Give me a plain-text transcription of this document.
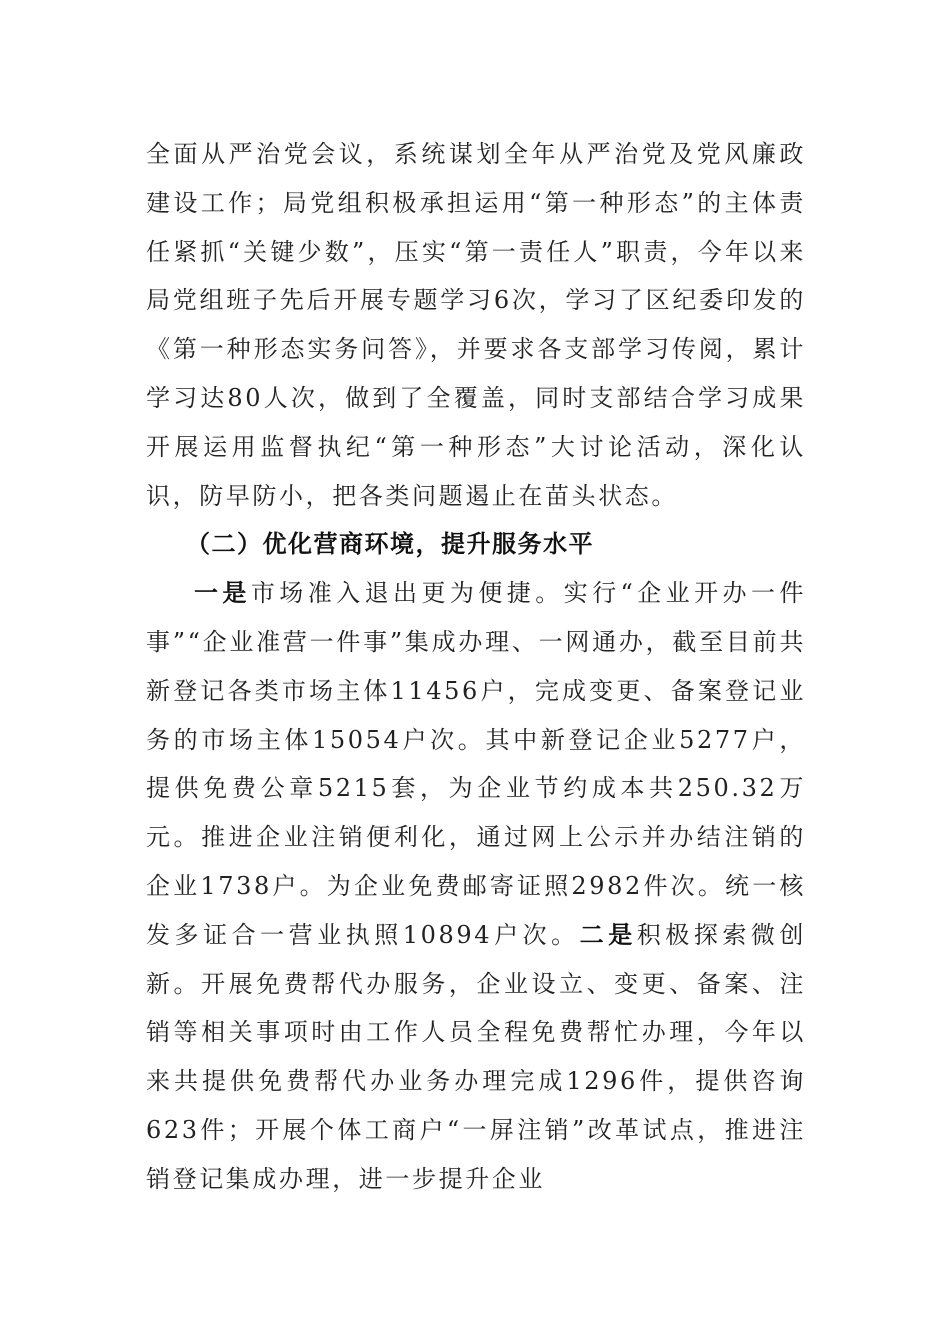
全面从严治党会议，系统谋划全年从严治党及党风廉政建设工作；局党组积极承担运用“第一种形态”的主体责任紧抓“关键少数”，压实“第一责任人”职责，今年以来局党组班子先后开展专题学习6次，学习了区纪委印发的《第一种形态实务问答》，并要求各支部学习传阅，累计学习达80人次，做到了全覆盖，同时支部结合学习成果开展运用监督执纪“第一种形态”大讨论活动，深化认识，防早防小，把各类问题遏止在苗头状态。

（二）优化营商环境，提升服务水平

一是市场准入退出更为便捷。实行“企业开办一件事”“企业准营一件事”集成办理、一网通办，截至目前共新登记各类市场主体11456户，完成变更、备案登记业务的市场主体15054户次。其中新登记企业5277户，提供免费公章5215套，为企业节约成本共250.32万元。推进企业注销便利化，通过网上公示并办结注销的企业1738户。为企业免费邮寄证照2982件次。统一核发多证合一营业执照10894户次。二是积极探索微创新。开展免费帮代办服务，企业设立、变更、备案、注销等相关事项时由工作人员全程免费帮忙办理，今年以来共提供免费帮代办业务办理完成1296件，提供咨询623件；开展个体工商户“一屏注销”改革试点，推进注销登记集成办理，进一步提升企业
